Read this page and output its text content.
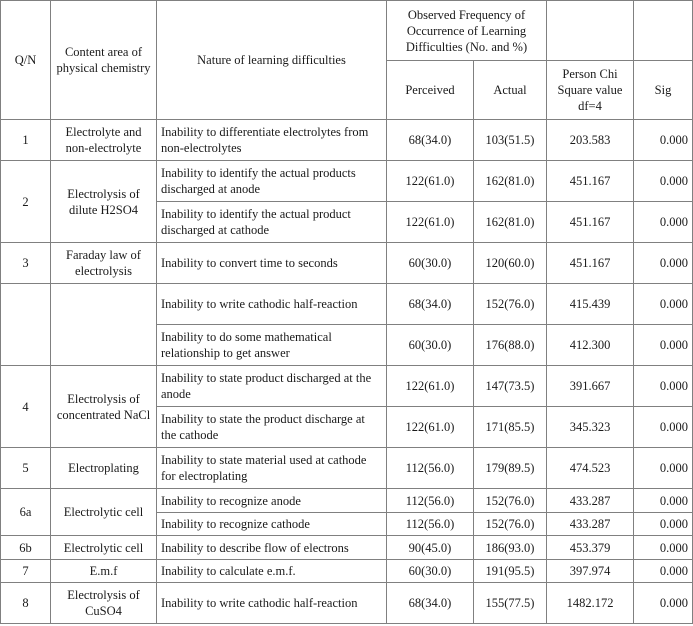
Q/N	Content area of physical chemistry	Nature of learning difficulties	Observed Frequency of Occurrence of Learning Difficulties (No. and %)			
			Perceived	Actual	Person Chi Square value df=4	Sig
1	Electrolyte and non-electrolyte	Inability to differentiate electrolytes from non-electrolytes	68(34.0)	103(51.5)	203.583	0.000
2	Electrolysis of dilute H2SO4	Inability to identify the actual products discharged at anode	122(61.0)	162(81.0)	451.167	0.000
		Inability to identify the actual product discharged at cathode	122(61.0)	162(81.0)	451.167	0.000
3	Faraday law of electrolysis	Inability to convert time to seconds	60(30.0)	120(60.0)	451.167	0.000
		Inability to write cathodic half-reaction	68(34.0)	152(76.0)	415.439	0.000
		Inability to do some mathematical relationship to get answer	60(30.0)	176(88.0)	412.300	0.000
4	Electrolysis of concentrated NaCl	Inability to state product discharged at the anode	122(61.0)	147(73.5)	391.667	0.000
		Inability to state the product discharge at the cathode	122(61.0)	171(85.5)	345.323	0.000
5	Electroplating	Inability to state material used at cathode for electroplating	112(56.0)	179(89.5)	474.523	0.000
6a	Electrolytic cell	Inability to recognize anode	112(56.0)	152(76.0)	433.287	0.000
		Inability to recognize cathode	112(56.0)	152(76.0)	433.287	0.000
6b	Electrolytic cell	Inability to describe flow of electrons	90(45.0)	186(93.0)	453.379	0.000
7	E.m.f	Inability to calculate e.m.f.	60(30.0)	191(95.5)	397.974	0.000
8	Electrolysis of CuSO4	Inability to write cathodic half-reaction	68(34.0)	155(77.5)	1482.172	0.000
